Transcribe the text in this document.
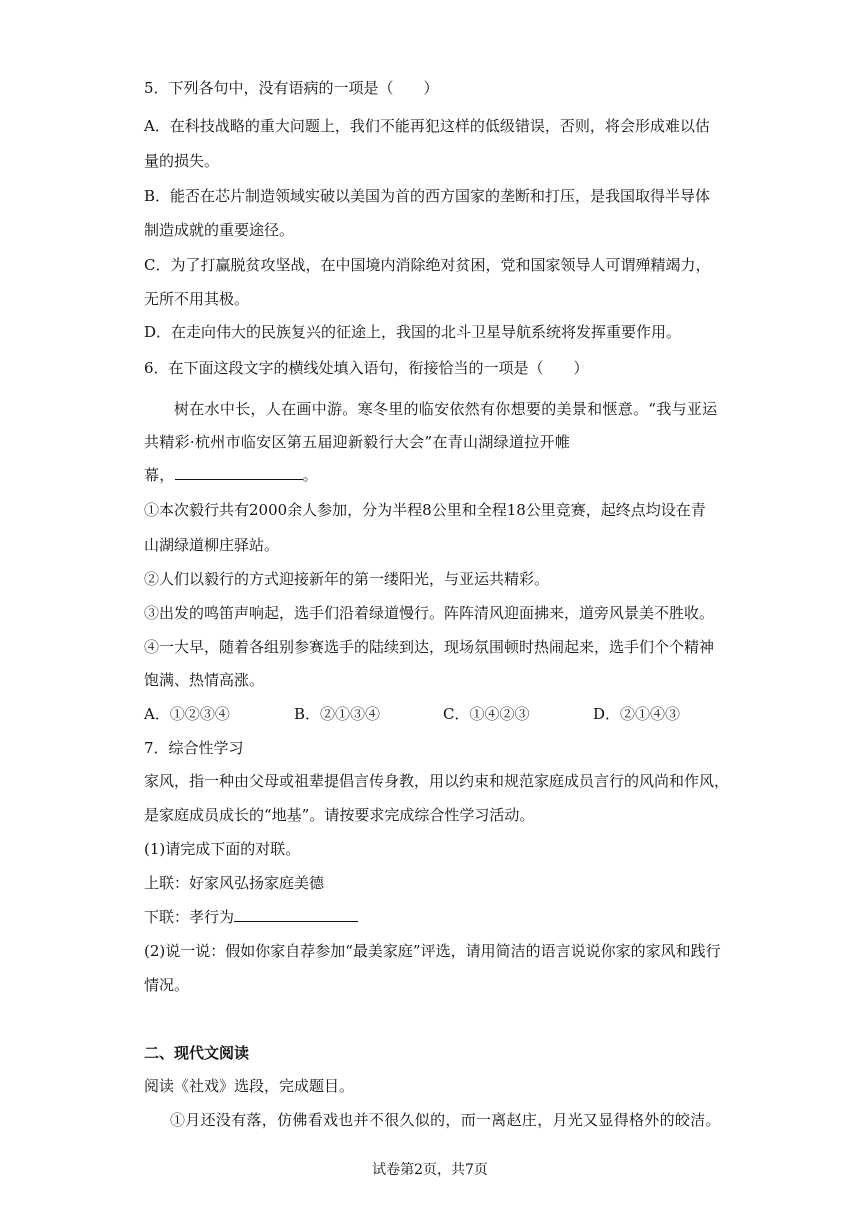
5．下列各句中，没有语病的一项是（　　）
A．在科技战略的重大问题上，我们不能再犯这样的低级错误，否则，将会形成难以估
量的损失。
B．能否在芯片制造领域实破以美国为首的西方国家的垄断和打压，是我国取得半导体
制造成就的重要途径。
C．为了打赢脱贫攻坚战，在中国境内消除绝对贫困，党和国家领导人可谓殚精竭力，
无所不用其极。
D．在走向伟大的民族复兴的征途上，我国的北斗卫星导航系统将发挥重要作用。
6．在下面这段文字的横线处填入语句，衔接恰当的一项是（　　）
树在水中长，人在画中游。寒冬里的临安依然有你想要的美景和惬意。“我与亚运
共精彩·杭州市临安区第五届迎新毅行大会”在青山湖绿道拉开帷
幕，	。
①本次毅行共有2000余人参加，分为半程8公里和全程18公里竞赛，起终点均设在青
山湖绿道柳庄驿站。
②人们以毅行的方式迎接新年的第一缕阳光，与亚运共精彩。
③出发的鸣笛声响起，选手们沿着绿道慢行。阵阵清风迎面拂来，道旁风景美不胜收。
④一大早，随着各组别参赛选手的陆续到达，现场氛围顿时热闹起来，选手们个个精神
饱满、热情高涨。
A．①②③④	B．②①③④	C．①④②③	D．②①④③
7．综合性学习
家风，指一种由父母或祖辈提倡言传身教，用以约束和规范家庭成员言行的风尚和作风，
是家庭成员成长的“地基”。请按要求完成综合性学习活动。
(1)请完成下面的对联。
上联：好家风弘扬家庭美德
下联：孝行为
(2)说一说：假如你家自荐参加“最美家庭”评选，请用简洁的语言说说你家的家风和践行
情况。
二、现代文阅读
阅读《社戏》选段，完成题目。
①月还没有落，仿佛看戏也并不很久似的，而一离赵庄，月光又显得格外的皎洁。
试卷第2页，共7页
